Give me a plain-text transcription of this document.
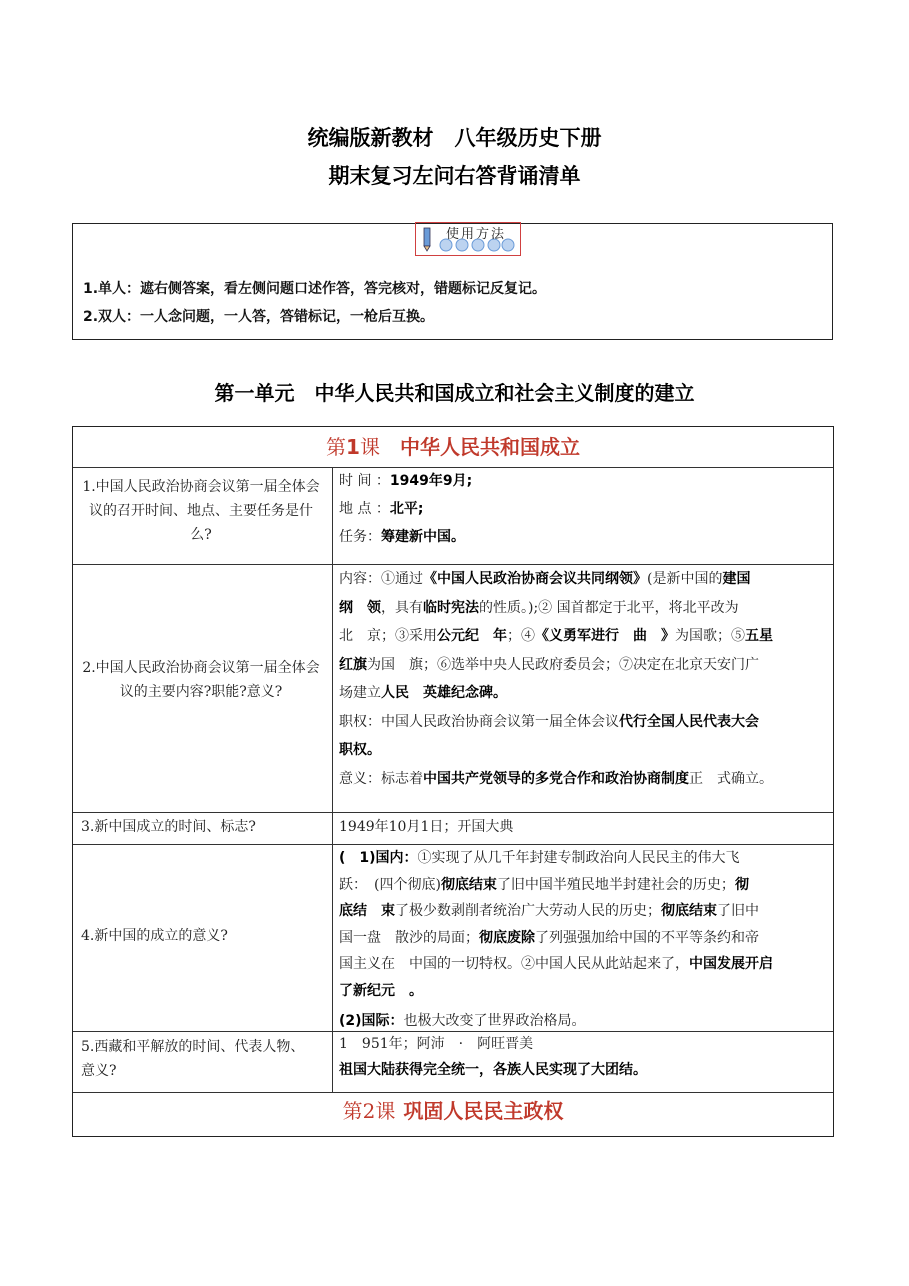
统编版新教材　八年级历史下册
期末复习左问右答背诵清单
使用方法
1.单人：遮右侧答案，看左侧问题口述作答，答完核对，错题标记反复记。
2.双人：一人念问题，一人答，答错标记，一枪后互换。
第一单元　中华人民共和国成立和社会主义制度的建立
第1课 中华人民共和国成立
1.中国人民政治协商会议第一届全体会议的召开时间、地点、主要任务是什么?
时 间 ：1949年9月;
地 点 ：北平;
任务：筹建新中国。
2.中国人民政治协商会议第一届全体会议的主要内容?职能?意义?
内容：①通过《中国人民政治协商会议共同纲领》(是新中国的建国
纲　领，具有临时宪法的性质。);② 国首都定于北平，将北平改为
北　京；③采用公元纪　年；④《义勇军进行　曲　》为国歌；⑤五星
红旗为国　旗；⑥选举中央人民政府委员会；⑦决定在北京天安门广
场建立人民　英雄纪念碑。
职权：中国人民政治协商会议第一届全体会议代行全国人民代表大会
职权。
意义：标志着中国共产党领导的多党合作和政治协商制度正　式确立。
3.新中国成立的时间、标志?	1949年10月1日；开国大典
4.新中国的成立的意义?
(　1)国内：①实现了从几千年封建专制政治向人民民主的伟大飞
跃：　(四个彻底)彻底结束了旧中国半殖民地半封建社会的历史；彻
底结　束了极少数剥削者统治广大劳动人民的历史；彻底结束了旧中
国一盘　散沙的局面；彻底废除了列强强加给中国的不平等条约和帝
国主义在　中国的一切特权。②中国人民从此站起来了，中国发展开启
了新纪元　。
(2)国际：也极大改变了世界政治格局。
5.西藏和平解放的时间、代表人物、　意义?
1　951年；阿沛　·　阿旺晋美
祖国大陆获得完全统一，各族人民实现了大团结。
第2课 巩固人民民主政权
